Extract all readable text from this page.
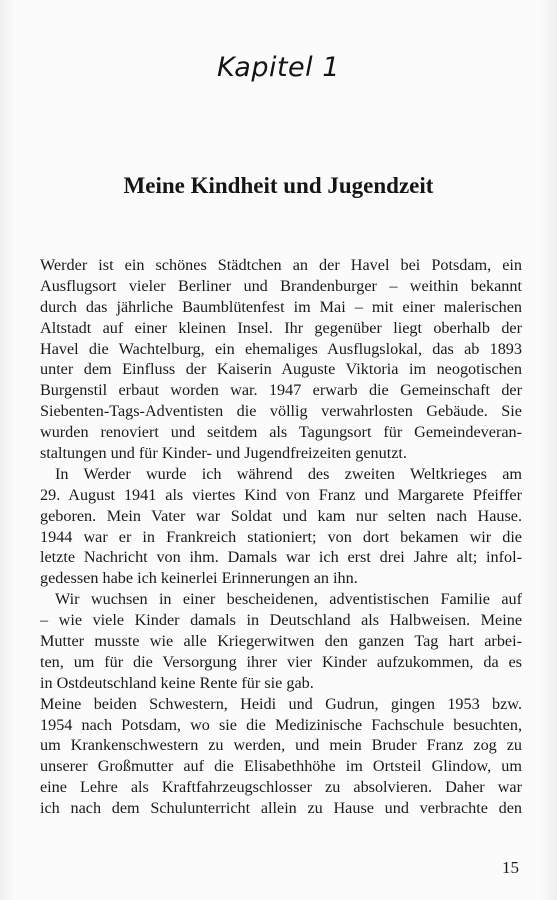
Kapitel 1
Meine Kindheit und Jugendzeit
Werder ist ein schönes Städtchen an der Havel bei Potsdam, ein
Ausflugsort vieler Berliner und Brandenburger – weithin bekannt
durch das jährliche Baumblütenfest im Mai – mit einer malerischen
Altstadt auf einer kleinen Insel. Ihr gegenüber liegt oberhalb der
Havel die Wachtelburg, ein ehemaliges Ausflugslokal, das ab 1893
unter dem Einfluss der Kaiserin Auguste Viktoria im neogotischen
Burgenstil erbaut worden war. 1947 erwarb die Gemeinschaft der
Siebenten-Tags-Adventisten die völlig verwahrlosten Gebäude. Sie
wurden renoviert und seitdem als Tagungsort für Gemeindeveran-
staltungen und für Kinder- und Jugendfreizeiten genutzt.
In Werder wurde ich während des zweiten Weltkrieges am
29. August 1941 als viertes Kind von Franz und Margarete Pfeiffer
geboren. Mein Vater war Soldat und kam nur selten nach Hause.
1944 war er in Frankreich stationiert; von dort bekamen wir die
letzte Nachricht von ihm. Damals war ich erst drei Jahre alt; infol-
gedessen habe ich keinerlei Erinnerungen an ihn.
Wir wuchsen in einer bescheidenen, adventistischen Familie auf
– wie viele Kinder damals in Deutschland als Halbweisen. Meine
Mutter musste wie alle Kriegerwitwen den ganzen Tag hart arbei-
ten, um für die Versorgung ihrer vier Kinder aufzukommen, da es
in Ostdeutschland keine Rente für sie gab.
Meine beiden Schwestern, Heidi und Gudrun, gingen 1953 bzw.
1954 nach Potsdam, wo sie die Medizinische Fachschule besuchten,
um Krankenschwestern zu werden, und mein Bruder Franz zog zu
unserer Großmutter auf die Elisabethhöhe im Ortsteil Glindow, um
eine Lehre als Kraftfahrzeugschlosser zu absolvieren. Daher war
ich nach dem Schulunterricht allein zu Hause und verbrachte den
15
